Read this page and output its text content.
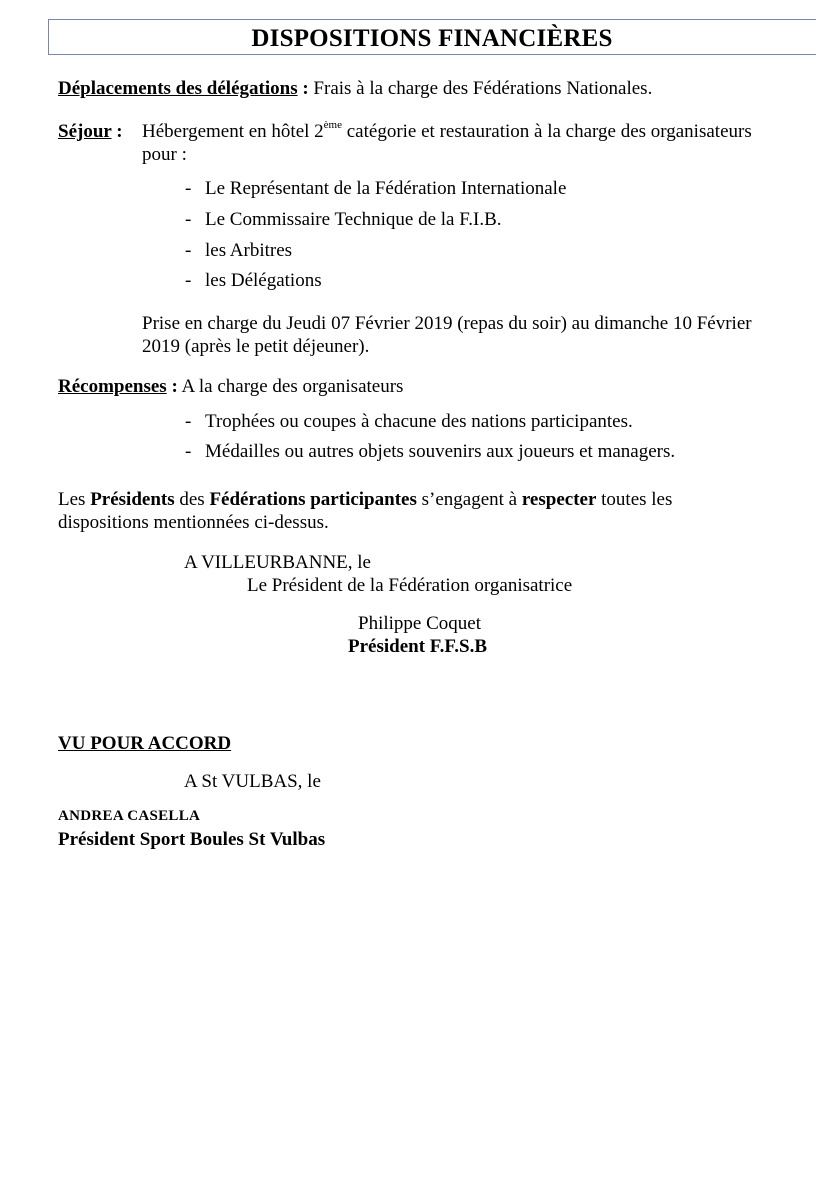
DISPOSITIONS FINANCIÈRES
Déplacements des délégations : Frais à la charge des Fédérations Nationales.
Séjour : Hébergement en hôtel 2ème catégorie et restauration à la charge des organisateurs
pour :
- Le Représentant de la Fédération Internationale
- Le Commissaire Technique de la F.I.B.
- les Arbitres
- les Délégations
Prise en charge du Jeudi 07 Février 2019 (repas du soir) au dimanche 10 Février
2019 (après le petit déjeuner).
Récompenses : A la charge des organisateurs
- Trophées ou coupes à chacune des nations participantes.
- Médailles ou autres objets souvenirs aux joueurs et managers.
Les Présidents des Fédérations participantes s’engagent à respecter toutes les
dispositions mentionnées ci-dessus.
A VILLEURBANNE, le
Le Président de la Fédération organisatrice
Philippe Coquet
Président F.F.S.B
VU POUR ACCORD
A St VULBAS, le
ANDREA CASELLA
Président Sport Boules St Vulbas
